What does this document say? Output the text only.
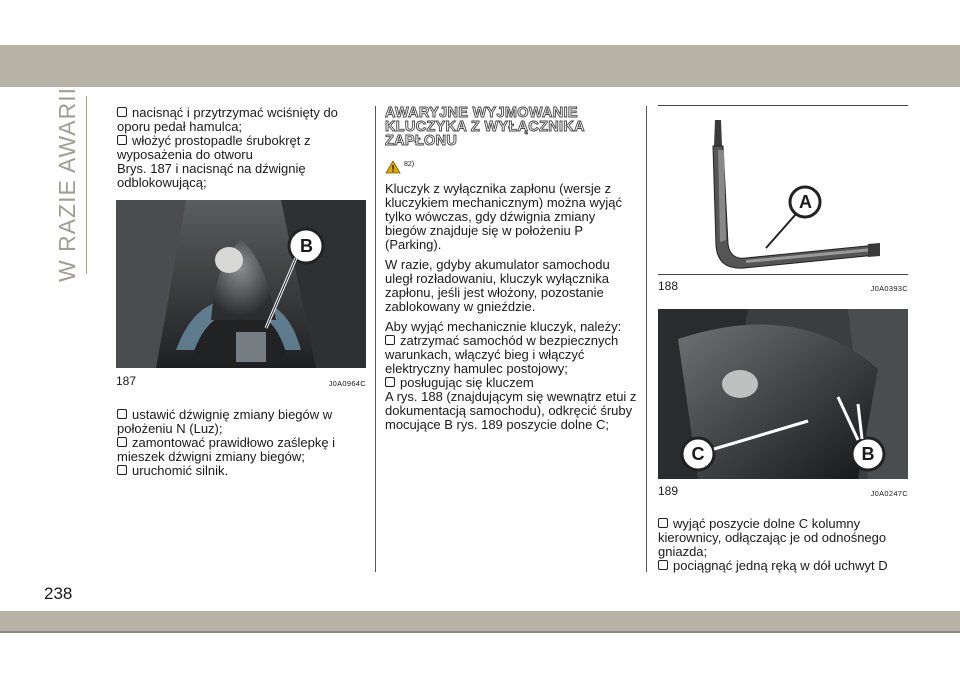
W RAZIE AWARII
238
nacisnąć i przytrzymać wciśnięty do oporu pedał hamulca;
włożyć prostopadle śrubokręt z wyposażenia do otworu
Brys. 187 i nacisnąć na dźwignię odblokowującą;
B
187	J0A0964C
ustawić dźwignię zmiany biegów w położeniu N (Luz);
zamontować prawidłowo zaślepkę i mieszek dźwigni zmiany biegów;
uruchomić silnik.
AWARYJNE WYJMOWANIE KLUCZYKA Z WYŁĄCZNIKA ZAPŁONU
82)

Kluczyk z wyłącznika zapłonu (wersje z kluczykiem mechanicznym) można wyjąć tylko wówczas, gdy dźwignia zmiany biegów znajduje się w położeniu P (Parking).

W razie, gdyby akumulator samochodu uległ rozładowaniu, kluczyk wyłącznika zapłonu, jeśli jest włożony, pozostanie zablokowany w gnieździe.

Aby wyjąć mechanicznie kluczyk, należy:

zatrzymać samochód w bezpiecznych warunkach, włączyć bieg i włączyć elektryczny hamulec postojowy;
posługując się kluczem
A rys. 188 (znajdującym się wewnątrz etui z dokumentacją samochodu), odkręcić śruby mocujące B rys. 189 poszycie dolne C;
A
188	J0A0393C
C	B
189	J0A0247C
wyjąć poszycie dolne C kolumny kierownicy, odłączając je od odnośnego gniazda;
pociągnąć jedną ręką w dół uchwyt D
